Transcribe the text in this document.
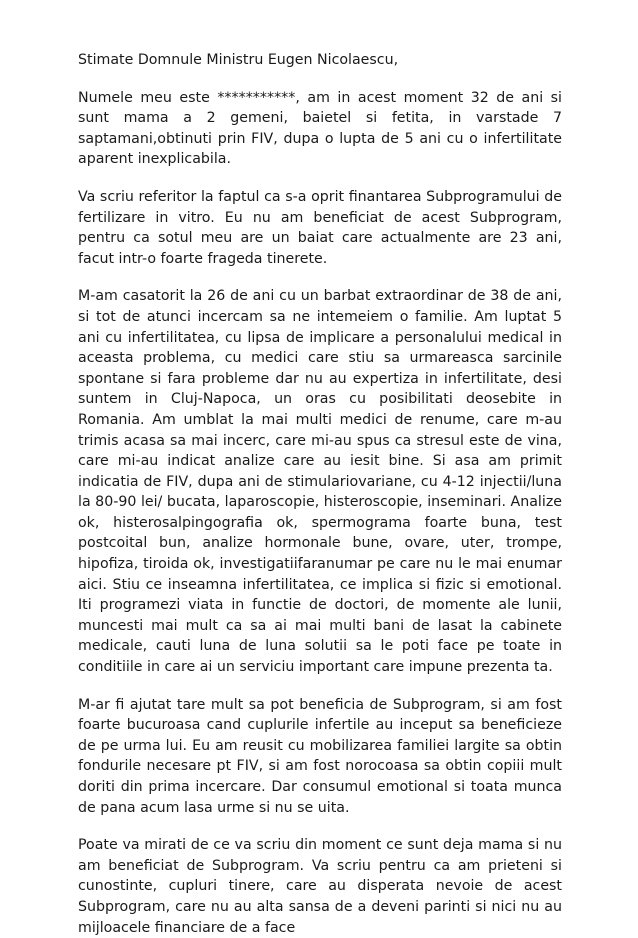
Stimate Domnule Ministru Eugen Nicolaescu,

Numele meu este ***********, am in acest moment 32 de ani si sunt mama a 2 gemeni, baietel si fetita, in varstade 7 saptamani,obtinuti prin FIV, dupa o lupta de 5 ani cu o infertilitate aparent inexplicabila.

Va scriu referitor la faptul ca s-a oprit finantarea Subprogramului de fertilizare in vitro. Eu nu am beneficiat de acest Subprogram, pentru ca sotul meu are un baiat care actualmente are 23 ani, facut intr-o foarte frageda tinerete.

M-am casatorit la 26 de ani cu un barbat extraordinar de 38 de ani, si tot de atunci incercam sa ne intemeiem o familie. Am luptat 5 ani cu infertilitatea, cu lipsa de implicare a personalului medical in aceasta problema, cu medici care stiu sa urmareasca sarcinile spontane si fara probleme dar nu au expertiza in infertilitate, desi suntem in Cluj-Napoca, un oras cu posibilitati deosebite in Romania. Am umblat la mai multi medici de renume, care m-au trimis acasa sa mai incerc, care mi-au spus ca stresul este de vina, care mi-au indicat analize care au iesit bine. Si asa am primit indicatia de FIV, dupa ani de stimulariovariane, cu 4-12 injectii/luna la 80-90 lei/ bucata, laparoscopie, histeroscopie, inseminari. Analize ok, histerosalpingografia ok, spermograma foarte buna, test postcoital bun, analize hormonale bune, ovare, uter, trompe, hipofiza, tiroida ok, investigatiifaranumar pe care nu le mai enumar aici. Stiu ce inseamna infertilitatea, ce implica si fizic si emotional. Iti programezi viata in functie de doctori, de momente ale lunii, muncesti mai mult ca sa ai mai multi bani de lasat la cabinete medicale, cauti luna de luna solutii sa le poti face pe toate in conditiile in care ai un serviciu important care impune prezenta ta.

M-ar fi ajutat tare mult sa pot beneficia de Subprogram, si am fost foarte bucuroasa cand cuplurile infertile au inceput sa beneficieze de pe urma lui. Eu am reusit cu mobilizarea familiei largite sa obtin fondurile necesare pt FIV, si am fost norocoasa sa obtin copiii mult doriti din prima incercare. Dar consumul emotional si toata munca de pana acum lasa urme si nu se uita.

Poate va mirati de ce va scriu din moment ce sunt deja mama si nu am beneficiat de Subprogram. Va scriu pentru ca am prieteni si cunostinte, cupluri tinere, care au disperata nevoie de acest Subprogram, care nu au alta sansa de a deveni parinti si nici nu au mijloacele financiare de a face
